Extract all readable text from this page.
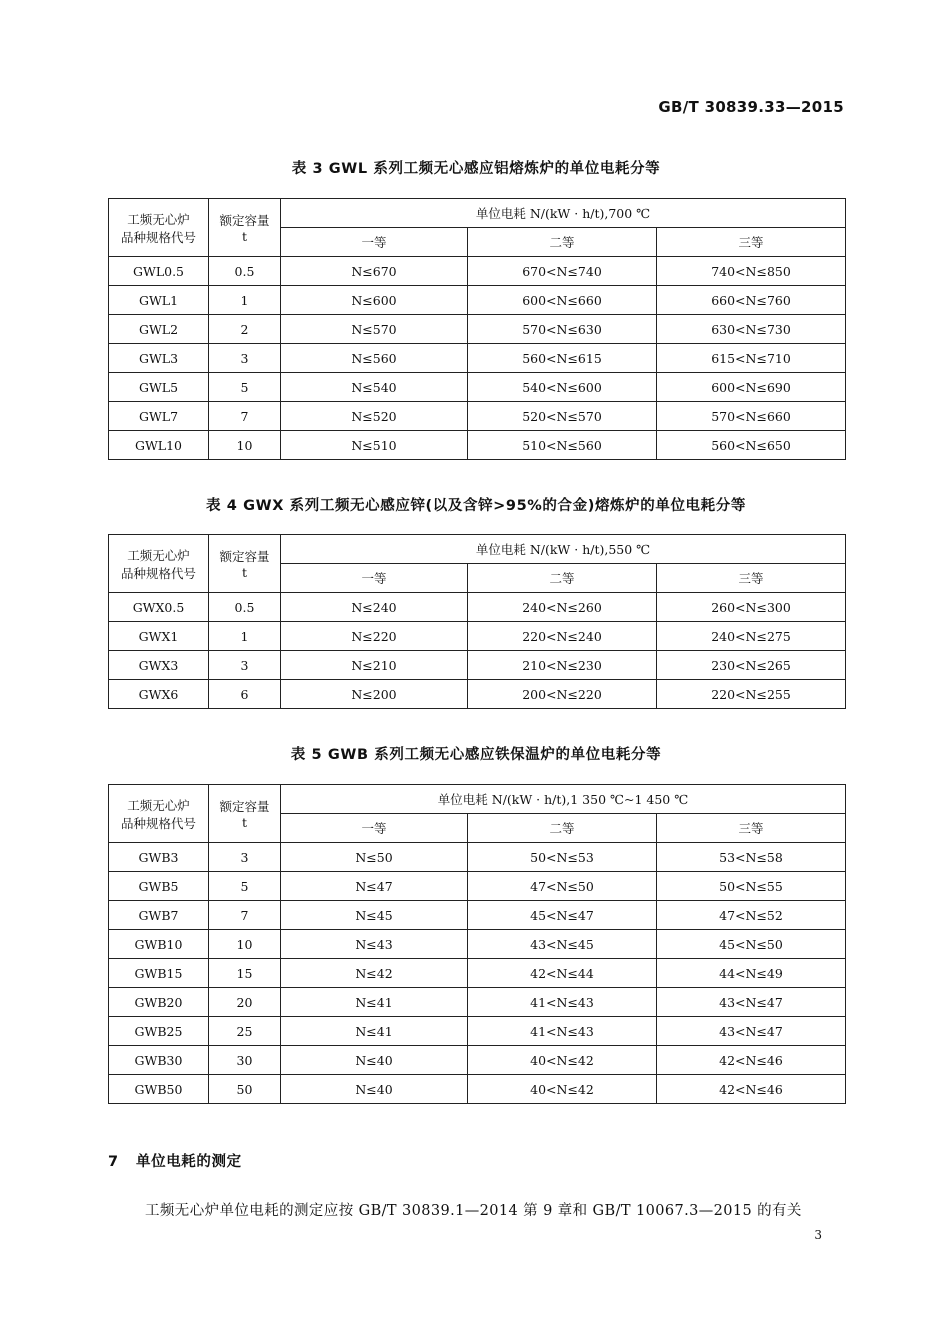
GB/T 30839.33—2015
表 3 GWL 系列工频无心感应铝熔炼炉的单位电耗分等
工频无心炉
品种规格代号	额定容量
t	单位电耗 N/(kW · h/t),700 ℃		
		一等	二等	三等
GWL0.5	0.5	N≤670	670<N≤740	740<N≤850
GWL1	1	N≤600	600<N≤660	660<N≤760
GWL2	2	N≤570	570<N≤630	630<N≤730
GWL3	3	N≤560	560<N≤615	615<N≤710
GWL5	5	N≤540	540<N≤600	600<N≤690
GWL7	7	N≤520	520<N≤570	570<N≤660
GWL10	10	N≤510	510<N≤560	560<N≤650
表 4 GWX 系列工频无心感应锌(以及含锌>95%的合金)熔炼炉的单位电耗分等
工频无心炉
品种规格代号	额定容量
t	单位电耗 N/(kW · h/t),550 ℃		
		一等	二等	三等
GWX0.5	0.5	N≤240	240<N≤260	260<N≤300
GWX1	1	N≤220	220<N≤240	240<N≤275
GWX3	3	N≤210	210<N≤230	230<N≤265
GWX6	6	N≤200	200<N≤220	220<N≤255
表 5 GWB 系列工频无心感应铁保温炉的单位电耗分等
工频无心炉
品种规格代号	额定容量
t	单位电耗 N/(kW · h/t),1 350 ℃~1 450 ℃		
		一等	二等	三等
GWB3	3	N≤50	50<N≤53	53<N≤58
GWB5	5	N≤47	47<N≤50	50<N≤55
GWB7	7	N≤45	45<N≤47	47<N≤52
GWB10	10	N≤43	43<N≤45	45<N≤50
GWB15	15	N≤42	42<N≤44	44<N≤49
GWB20	20	N≤41	41<N≤43	43<N≤47
GWB25	25	N≤41	41<N≤43	43<N≤47
GWB30	30	N≤40	40<N≤42	42<N≤46
GWB50	50	N≤40	40<N≤42	42<N≤46
7 单位电耗的测定
工频无心炉单位电耗的测定应按 GB/T 30839.1—2014 第 9 章和 GB/T 10067.3—2015 的有关
3
